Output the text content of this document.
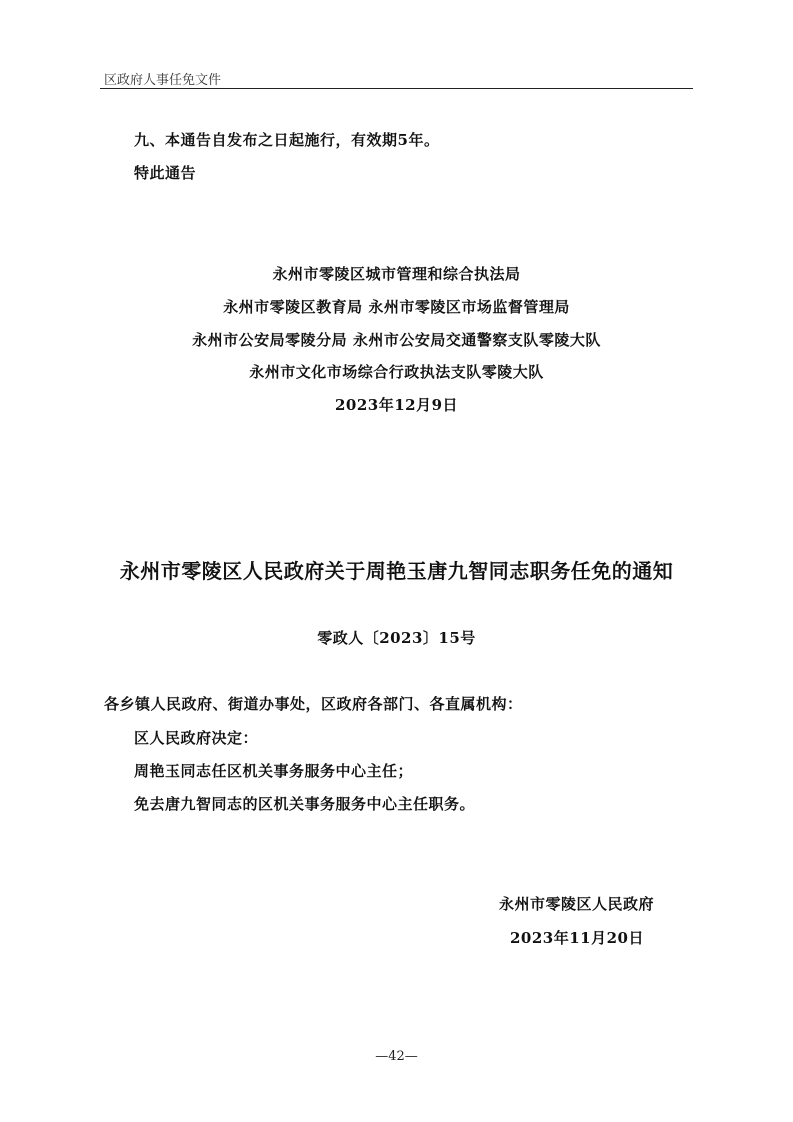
区政府人事任免文件
九、本通告自发布之日起施行，有效期5年。
特此通告
永州市零陵区城市管理和综合执法局
永州市零陵区教育局 永州市零陵区市场监督管理局
永州市公安局零陵分局 永州市公安局交通警察支队零陵大队
永州市文化市场综合行政执法支队零陵大队
2023年12月9日
永州市零陵区人民政府关于周艳玉唐九智同志职务任免的通知
零政人〔2023〕15号
各乡镇人民政府、街道办事处，区政府各部门、各直属机构：
区人民政府决定：
周艳玉同志任区机关事务服务中心主任；
免去唐九智同志的区机关事务服务中心主任职务。
永州市零陵区人民政府
2023年11月20日
—42—
